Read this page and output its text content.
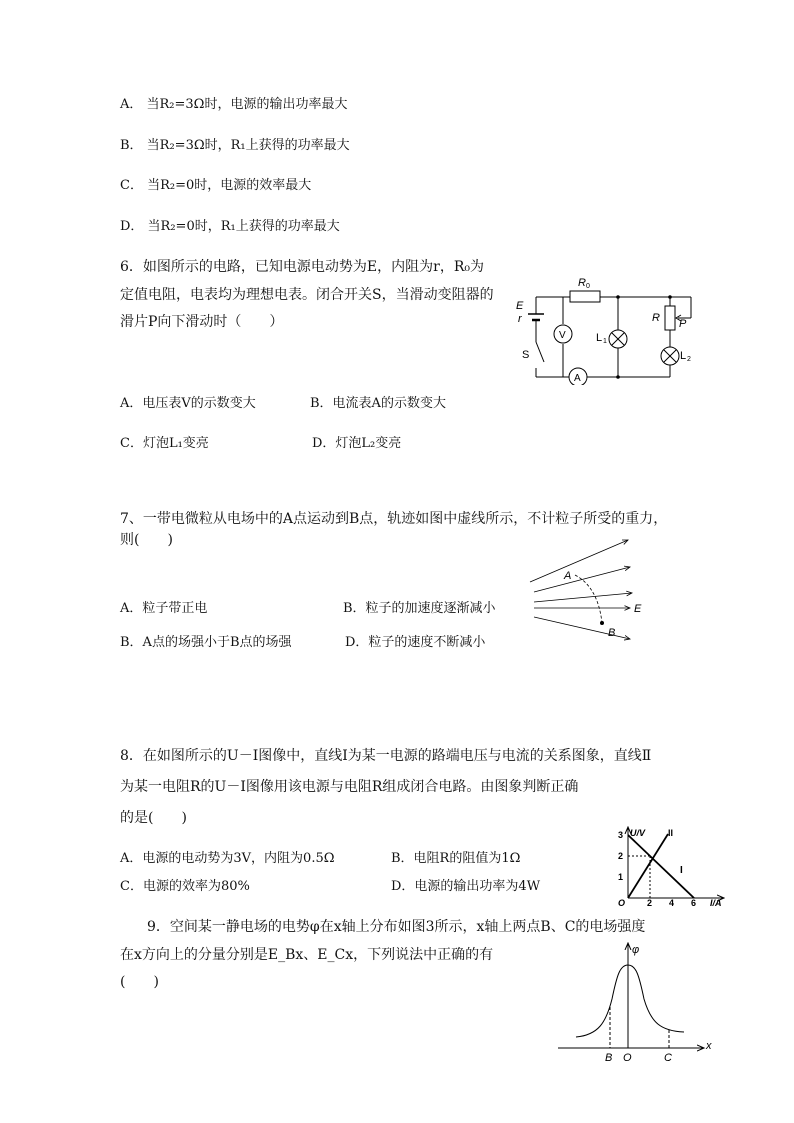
A． 当R₂=3Ω时，电源的输出功率最大
B． 当R₂=3Ω时，R₁上获得的功率最大
C． 当R₂=0时，电源的效率最大
D． 当R₂=0时，R₁上获得的功率最大
6．如图所示的电路，已知电源电动势为E，内阻为r，R₀为
定值电阻，电表均为理想电表。闭合开关S，当滑动变阻器的
滑片P向下滑动时（　　）
A．电压表V的示数变大	B．电流表A的示数变大
C．灯泡L₁变亮	D．灯泡L₂变亮
E
r
R 0
V
A
S
L 1
R P
L 2
7、一带电微粒从电场中的A点运动到B点，轨迹如图中虚线所示，不计粒子所受的重力，
则(　　)
A．粒子带正电	B．粒子的加速度逐渐减小
B．A点的场强小于B点的场强	D．粒子的速度不断减小
A
B
E
8．在如图所示的U－I图像中，直线Ⅰ为某一电源的路端电压与电流的关系图象，直线Ⅱ
为某一电阻R的U－I图像用该电源与电阻R组成闭合电路。由图象判断正确
的是(　　)
A．电源的电动势为3V，内阻为0.5Ω	B．电阻R的阻值为1Ω
C．电源的效率为80%	D．电源的输出功率为4W
U/V
I/A
O
1
2
3
2 4 6
I
II
9．空间某一静电场的电势φ在x轴上分布如图3所示，x轴上两点B、C的电场强度
在x方向上的分量分别是E_Bx、E_Cx，下列说法中正确的有
(　　)
φ
x
B O	C
